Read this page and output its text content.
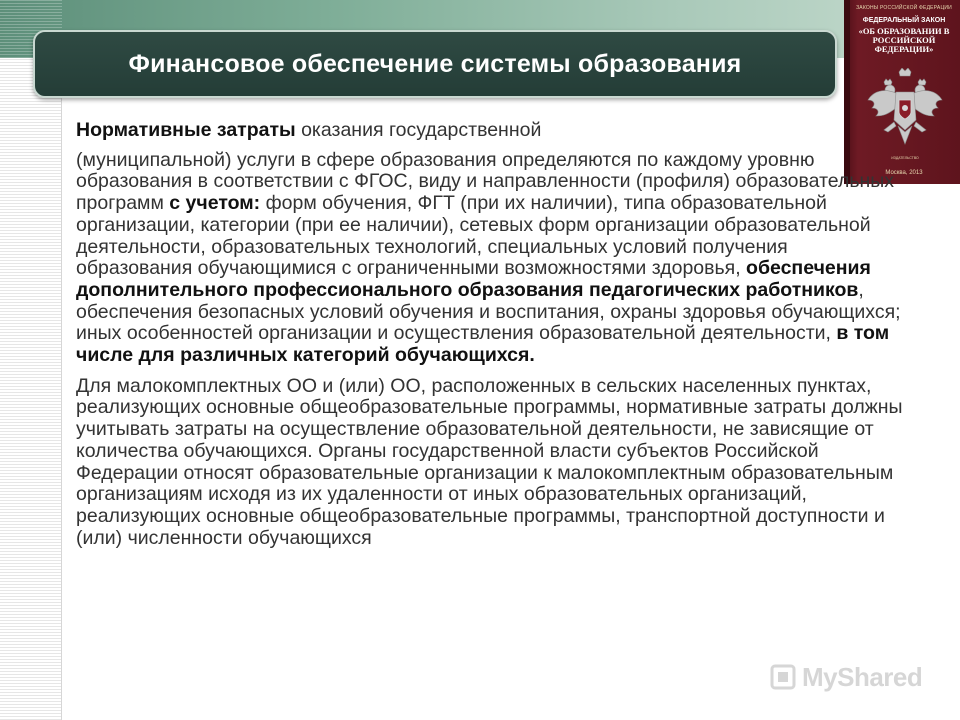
Финансовое обеспечение системы образования
ЗАКОНЫ РОССИЙСКОЙ ФЕДЕРАЦИИ
ФЕДЕРАЛЬНЫЙ ЗАКОН
«ОБ ОБРАЗОВАНИИ В РОССИЙСКОЙ ФЕДЕРАЦИИ»
ИЗДАТЕЛЬСТВО
Москва, 2013

Нормативные затраты оказания государственной
(муниципальной) услуги в сфере образования определяются по каждому уровню образования в соответствии с ФГОС, виду и направленности (профиля) образовательных программ с учетом: форм обучения, ФГТ (при их наличии), типа образовательной организации, категории (при ее наличии), сетевых форм организации образовательной деятельности, образовательных технологий, специальных условий получения образования обучающимися с ограниченными возможностями здоровья, обеспечения дополнительного профессионального образования педагогических работников, обеспечения безопасных условий обучения и воспитания, охраны здоровья обучающихся; иных особенностей организации и осуществления образовательной деятельности, в том числе для различных категорий обучающихся.

Для малокомплектных ОО и (или) ОО, расположенных в сельских населенных пунктах, реализующих основные общеобразовательные программы, нормативные затраты должны учитывать затраты на осуществление образовательной деятельности, не зависящие от количества обучающихся. Органы государственной власти субъектов Российской Федерации относят образовательные организации к малокомплектным образовательным организациям исходя из их удаленности от иных образовательных организаций, реализующих основные общеобразовательные программы, транспортной доступности и (или) численности обучающихся

MyShared
